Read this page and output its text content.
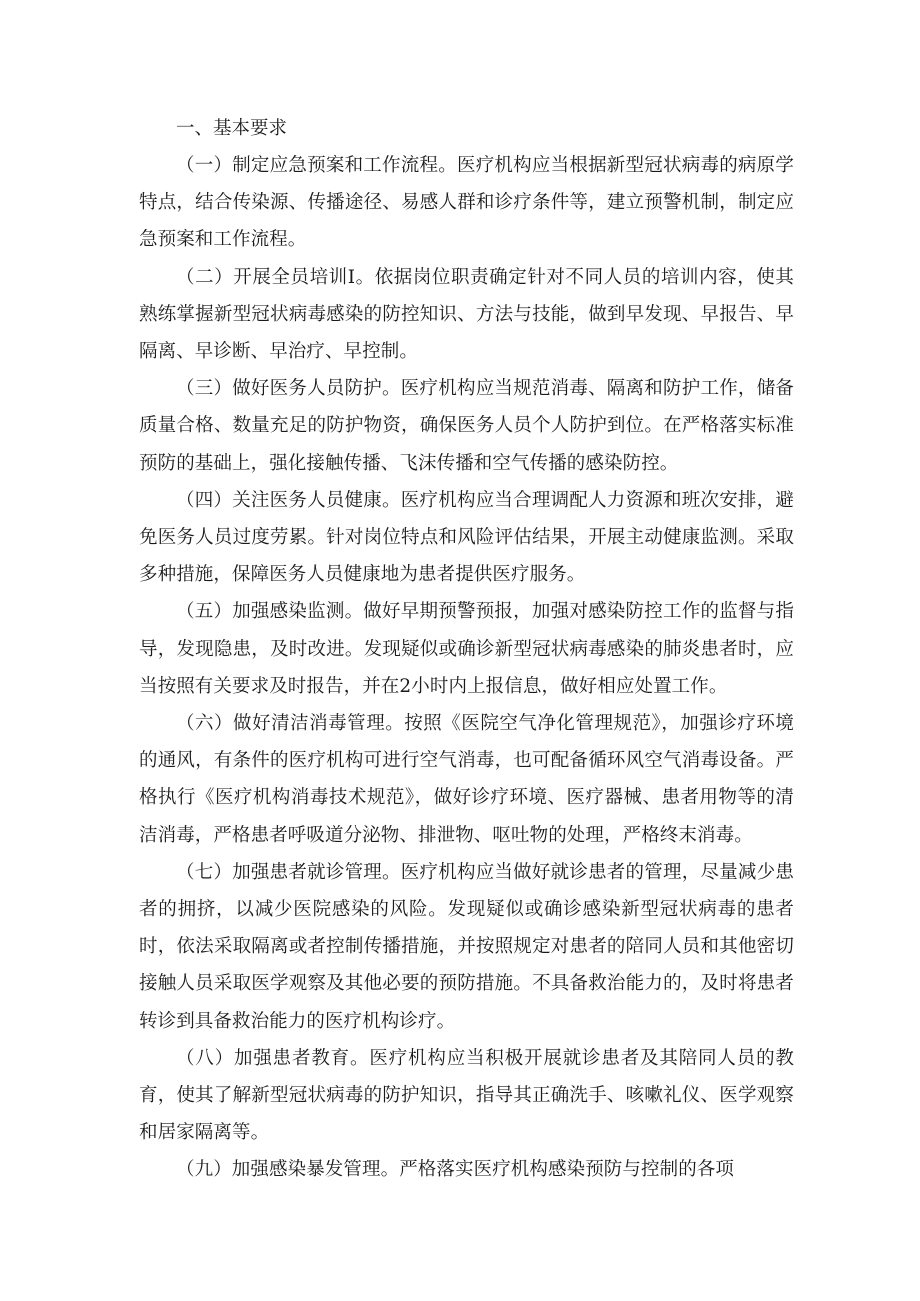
一、基本要求

（一）制定应急预案和工作流程。医疗机构应当根据新型冠状病毒的病原学特点，结合传染源、传播途径、易感人群和诊疗条件等，建立预警机制，制定应急预案和工作流程。

（二）开展全员培训Ⅰ。依据岗位职责确定针对不同人员的培训内容，使其熟练掌握新型冠状病毒感染的防控知识、方法与技能，做到早发现、早报告、早隔离、早诊断、早治疗、早控制。

（三）做好医务人员防护。医疗机构应当规范消毒、隔离和防护工作，储备质量合格、数量充足的防护物资，确保医务人员个人防护到位。在严格落实标准预防的基础上，强化接触传播、飞沫传播和空气传播的感染防控。

（四）关注医务人员健康。医疗机构应当合理调配人力资源和班次安排，避免医务人员过度劳累。针对岗位特点和风险评估结果，开展主动健康监测。采取多种措施，保障医务人员健康地为患者提供医疗服务。

（五）加强感染监测。做好早期预警预报，加强对感染防控工作的监督与指导，发现隐患，及时改进。发现疑似或确诊新型冠状病毒感染的肺炎患者时，应当按照有关要求及时报告，并在2小时内上报信息，做好相应处置工作。

（六）做好清洁消毒管理。按照《医院空气净化管理规范》，加强诊疗环境的通风，有条件的医疗机构可进行空气消毒，也可配备循环风空气消毒设备。严格执行《医疗机构消毒技术规范》，做好诊疗环境、医疗器械、患者用物等的清洁消毒，严格患者呼吸道分泌物、排泄物、呕吐物的处理，严格终末消毒。

（七）加强患者就诊管理。医疗机构应当做好就诊患者的管理，尽量减少患者的拥挤，以减少医院感染的风险。发现疑似或确诊感染新型冠状病毒的患者时，依法采取隔离或者控制传播措施，并按照规定对患者的陪同人员和其他密切接触人员采取医学观察及其他必要的预防措施。不具备救治能力的，及时将患者转诊到具备救治能力的医疗机构诊疗。

（八）加强患者教育。医疗机构应当积极开展就诊患者及其陪同人员的教育，使其了解新型冠状病毒的防护知识，指导其正确洗手、咳嗽礼仪、医学观察和居家隔离等。

（九）加强感染暴发管理。严格落实医疗机构感染预防与控制的各项
